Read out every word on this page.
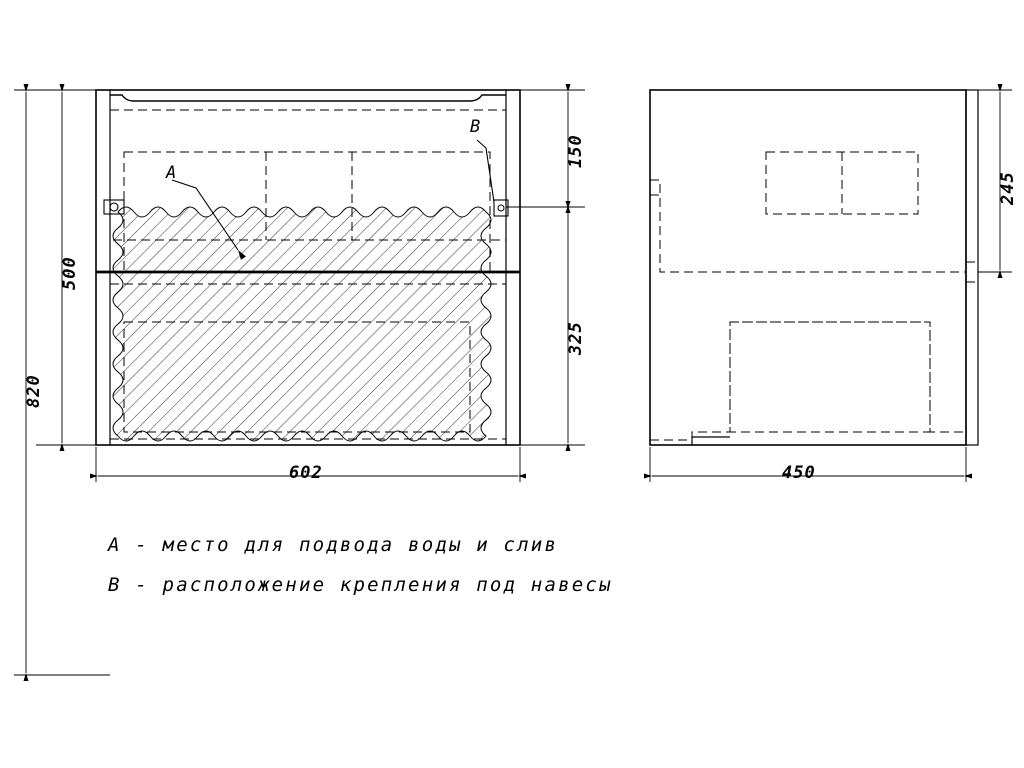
500
820
150
325
602	450
245
A
B
A - место для подвода воды и слив
B - расположение крепления под навесы
